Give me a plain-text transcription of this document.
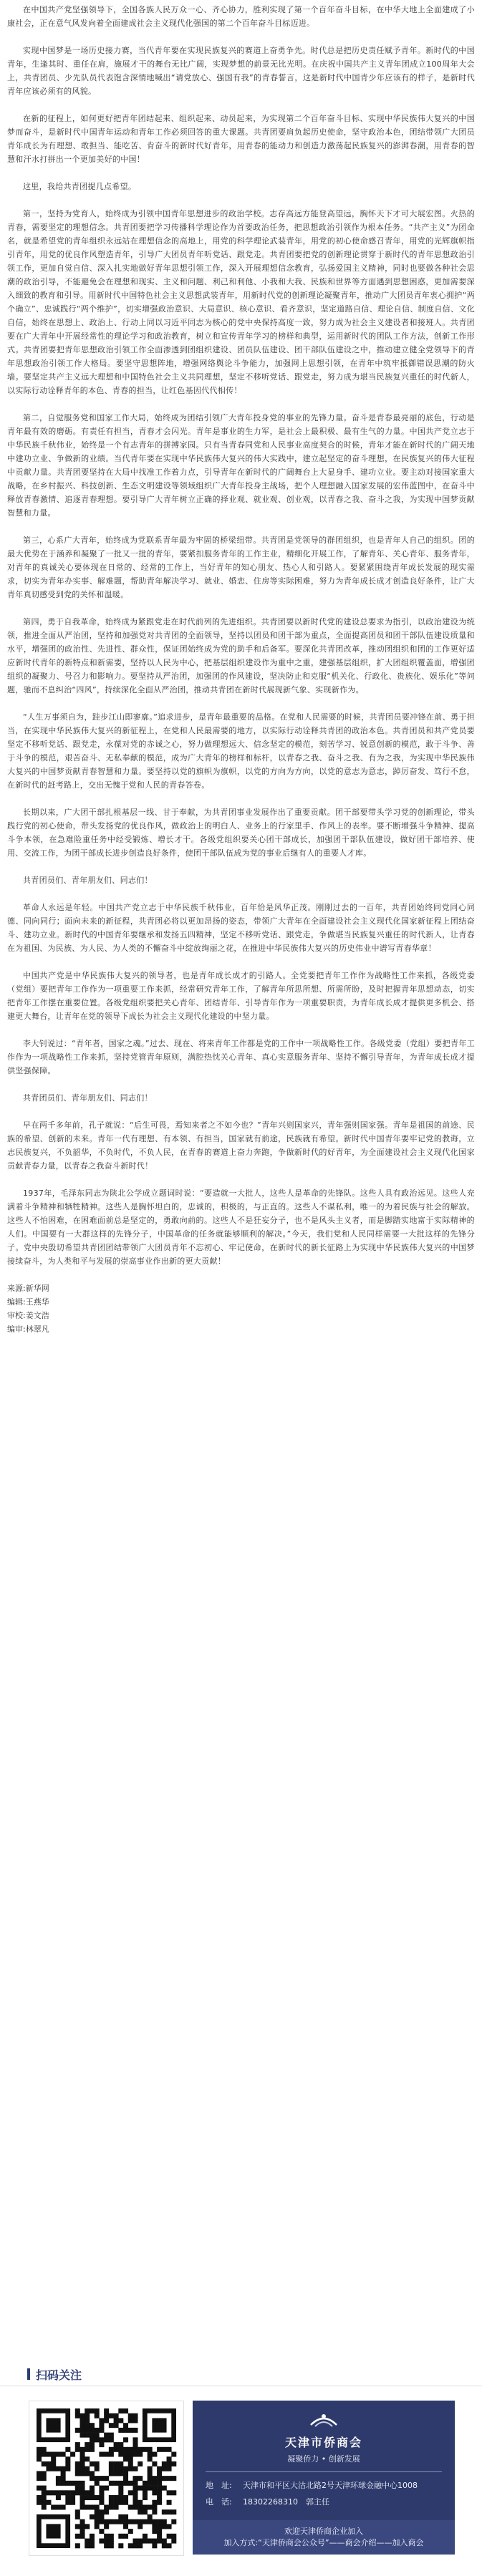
在中国共产党坚强领导下，全国各族人民万众一心、齐心协力，胜利实现了第一个百年奋斗目标，在中华大地上全面建成了小康社会，正在意气风发向着全面建成社会主义现代化强国的第二个百年奋斗目标迈进。

实现中国梦是一场历史接力赛，当代青年要在实现民族复兴的赛道上奋勇争先。时代总是把历史责任赋予青年。新时代的中国青年，生逢其时、重任在肩，施展才干的舞台无比广阔，实现梦想的前景无比光明。在庆祝中国共产主义青年团成立100周年大会上，共青团员、少先队员代表饱含深情地喊出“请党放心、强国有我”的青春誓言，这是新时代中国青少年应该有的样子，是新时代青年应该必须有的风貌。

在新的征程上，如何更好把青年团结起来、组织起来、动员起来，为实现第二个百年奋斗目标、实现中华民族伟大复兴的中国梦而奋斗，是新时代中国青年运动和青年工作必须回答的重大课题。共青团要肩负起历史使命，坚守政治本色，团结带领广大团员青年成长为有理想、敢担当、能吃苦、肯奋斗的新时代好青年，用青春的能动力和创造力激荡起民族复兴的澎湃春潮，用青春的智慧和汗水打拼出一个更加美好的中国！

这里，我给共青团提几点希望。

第一，坚持为党育人，始终成为引领中国青年思想进步的政治学校。志存高远方能登高望远，胸怀天下才可大展宏图。火热的青春，需要坚定的理想信念。共青团要把学习传播科学理论作为首要政治任务，把思想政治引领作为根本任务。“共产主义”为团命名，就是希望党的青年组织永远站在理想信念的高地上，用党的科学理论武装青年，用党的初心使命感召青年，用党的光辉旗帜指引青年，用党的优良作风塑造青年，引导广大团员青年听党话、跟党走。共青团要把党的创新理论贯穿于新时代的青年思想政治引领工作，更加自觉自信、深入扎实地做好青年思想引领工作，深入开展理想信念教育，弘扬爱国主义精神，同时也要做各种社会思潮的政治引导，不能避免会在理想和现实、主义和问题、利己和利他、小我和大我、民族和世界等方面遇到思想困惑，更加需要深入细致的教育和引导。用新时代中国特色社会主义思想武装青年，用新时代党的创新理论凝聚青年，推动广大团员青年衷心拥护“两个确立”、忠诚践行“两个维护”，切实增强政治意识、大局意识、核心意识、看齐意识，坚定道路自信、理论自信、制度自信、文化自信，始终在思想上、政治上、行动上同以习近平同志为核心的党中央保持高度一致，努力成为社会主义建设者和接班人。共青团要在广大青年中开展经常性的理论学习和政治教育，树立和宣传青年学习的榜样和典型，运用新时代的团队工作方法，创新工作形式。共青团要把青年思想政治引领工作全面渗透到团组织建设、团员队伍建设、团干部队伍建设之中，推动建立健全党领导下的青年思想政治引领工作大格局。要坚守思想阵地，增强网络舆论斗争能力，加强网上思想引领，在青年中筑牢抵御错误思潮的防火墙。要坚定共产主义远大理想和中国特色社会主义共同理想，坚定不移听党话、跟党走，努力成为堪当民族复兴重任的时代新人，以实际行动诠释青年的本色、青春的担当，让红色基因代代相传！

第二，自觉服务党和国家工作大局，始终成为团结引领广大青年投身党的事业的先锋力量。奋斗是青春最亮丽的底色，行动是青年最有效的磨砺。有责任有担当，青春才会闪光。青年是事业的生力军，是社会上最积极、最有生气的力量。中国共产党立志于中华民族千秋伟业，始终是一个有志青年的拼搏家园。只有当青春同党和人民事业高度契合的时候，青年才能在新时代的广阔天地中建功立业、争做新的业绩。当代青年要在实现中华民族伟大复兴的伟大实践中，建立起坚定的奋斗理想，在民族复兴的伟大征程中贡献力量。共青团要坚持在大局中找准工作着力点，引导青年在新时代的广阔舞台上大显身手、建功立业。要主动对接国家重大战略，在乡村振兴、科技创新、生态文明建设等领域组织广大青年投身主战场，把个人理想融入国家发展的宏伟蓝图中，在奋斗中释放青春激情、追逐青春理想。要引导广大青年树立正确的择业观、就业观、创业观，以青春之我、奋斗之我，为实现中国梦贡献智慧和力量。

第三，心系广大青年，始终成为党联系青年最为牢固的桥梁纽带。共青团是党领导的群团组织，也是青年人自己的组织。团的最大优势在于涵养和凝聚了一批又一批的青年，要紧扣服务青年的工作主业，精细化开展工作，了解青年、关心青年、服务青年，对青年的真诚关心要体现在日常的、经常的工作上，当好青年的知心朋友、热心人和引路人。要紧紧围绕青年成长发展的现实需求，切实为青年办实事、解难题，帮助青年解决学习、就业、婚恋、住房等实际困难，努力为青年成长成才创造良好条件，让广大青年真切感受到党的关怀和温暖。

第四，勇于自我革命，始终成为紧跟党走在时代前列的先进组织。共青团要以新时代党的建设总要求为指引，以政治建设为统领，推进全面从严治团，坚持和加强党对共青团的全面领导，坚持以团员和团干部为重点，全面提高团员和团干部队伍建设质量和水平，增强团的政治性、先进性、群众性，保证团始终成为党的助手和后备军。要深化共青团改革，推动团组织和团的工作更好适应新时代青年的新特点和新需要，坚持以人民为中心，把基层组织建设作为重中之重，建强基层组织，扩大团组织覆盖面，增强团组织的凝聚力、号召力和影响力。要坚持从严治团，加强团的作风建设，坚决防止和克服“机关化、行政化、贵族化、娱乐化”等问题，驰而不息纠治“四风”，持续深化全面从严治团，推动共青团在新时代展现新气象、实现新作为。

“人生万事须自为，跬步江山即寥廓。”追求进步，是青年最重要的品格。在党和人民需要的时候，共青团员要冲锋在前、勇于担当，在实现中华民族伟大复兴的新征程上，在党和人民最需要的地方，以实际行动诠释共青团的政治本色。共青团员和共产党员要坚定不移听党话、跟党走，永葆对党的赤诚之心，努力做理想远大、信念坚定的模范，刻苦学习、锐意创新的模范，敢于斗争、善于斗争的模范，艰苦奋斗、无私奉献的模范，成为广大青年的榜样和标杆，以青春之我、奋斗之我、有为之我，为实现中华民族伟大复兴的中国梦贡献青春智慧和力量。要坚持以党的旗帜为旗帜，以党的方向为方向，以党的意志为意志，踔厉奋发、笃行不怠，在新时代的赶考路上，交出无愧于党和人民的青春答卷。

长期以来，广大团干部扎根基层一线、甘于奉献，为共青团事业发展作出了重要贡献。团干部要带头学习党的创新理论，带头践行党的初心使命，带头发扬党的优良作风，做政治上的明白人、业务上的行家里手、作风上的表率。要不断增强斗争精神、提高斗争本领，在急难险重任务中经受锻炼、增长才干。各级党组织要关心团干部成长，加强团干部队伍建设，做好团干部培养、使用、交流工作，为团干部成长进步创造良好条件，使团干部队伍成为党的事业后继有人的重要人才库。

共青团员们、青年朋友们、同志们！

革命人永远是年轻。中国共产党立志于中华民族千秋伟业，百年恰是风华正茂。刚刚过去的一百年，共青团始终同党同心同德、同向同行；面向未来的新征程，共青团必将以更加昂扬的姿态，带领广大青年在全面建设社会主义现代化国家新征程上团结奋斗、建功立业。新时代的中国青年要继承和发扬五四精神，坚定不移听党话、跟党走，争做堪当民族复兴重任的时代新人，让青春在为祖国、为民族、为人民、为人类的不懈奋斗中绽放绚丽之花，在推进中华民族伟大复兴的历史伟业中谱写青春华章！

中国共产党是中华民族伟大复兴的领导者，也是青年成长成才的引路人。全党要把青年工作作为战略性工作来抓，各级党委（党组）要把青年工作作为一项重要工作来抓，经常研究青年工作，了解青年所思所想、所需所盼，及时把握青年思想动态，切实把青年工作摆在重要位置。各级党组织要把关心青年、团结青年、引导青年作为一项重要职责，为青年成长成才提供更多机会、搭建更大舞台，让青年在党的领导下成长为社会主义现代化建设的中坚力量。

李大钊说过：“青年者，国家之魂。”过去、现在、将来青年工作都是党的工作中一项战略性工作。各级党委（党组）要把青年工作作为一项战略性工作来抓，坚持党管青年原则，满腔热忱关心青年、真心实意服务青年、坚持不懈引导青年，为青年成长成才提供坚强保障。

共青团员们、青年朋友们、同志们！

早在两千多年前，孔子就说：“后生可畏，焉知来者之不如今也？”青年兴则国家兴，青年强则国家强。青年是祖国的前途、民族的希望、创新的未来。青年一代有理想、有本领、有担当，国家就有前途，民族就有希望。新时代中国青年要牢记党的教诲，立志民族复兴，不负韶华，不负时代，不负人民，在青春的赛道上奋力奔跑，争做新时代的好青年，为全面建设社会主义现代化国家贡献青春力量，以青春之我奋斗新时代！

1937年，毛泽东同志为陕北公学成立题词时说：“要造就一大批人，这些人是革命的先锋队。这些人具有政治远见。这些人充满着斗争精神和牺牲精神。这些人是胸怀坦白的，忠诚的，积极的，与正直的。这些人不谋私利，唯一的为着民族与社会的解放。这些人不怕困难，在困难面前总是坚定的，勇敢向前的。这些人不是狂妄分子，也不是风头主义者，而是脚踏实地富于实际精神的人们。中国要有一大群这样的先锋分子，中国革命的任务就能够顺利的解决。”今天，我们党和人民同样需要一大批这样的先锋分子。党中央殷切希望共青团团结带领广大团员青年不忘初心、牢记使命，在新时代的新长征路上为实现中华民族伟大复兴的中国梦接续奋斗，为人类和平与发展的崇高事业作出新的更大贡献！

来源:新华网
编辑:王燕华
审校:姜文浩
编审:林翠凡
扫码关注
天津市侨商会
凝聚侨力 • 创新发展
地　址:	天津市和平区大沽北路2号天津环球金融中心1008
电　话:	18302268310　郭主任
欢迎天津侨商企业加入
加入方式:“天津侨商会公众号”——商会介绍——加入商会
